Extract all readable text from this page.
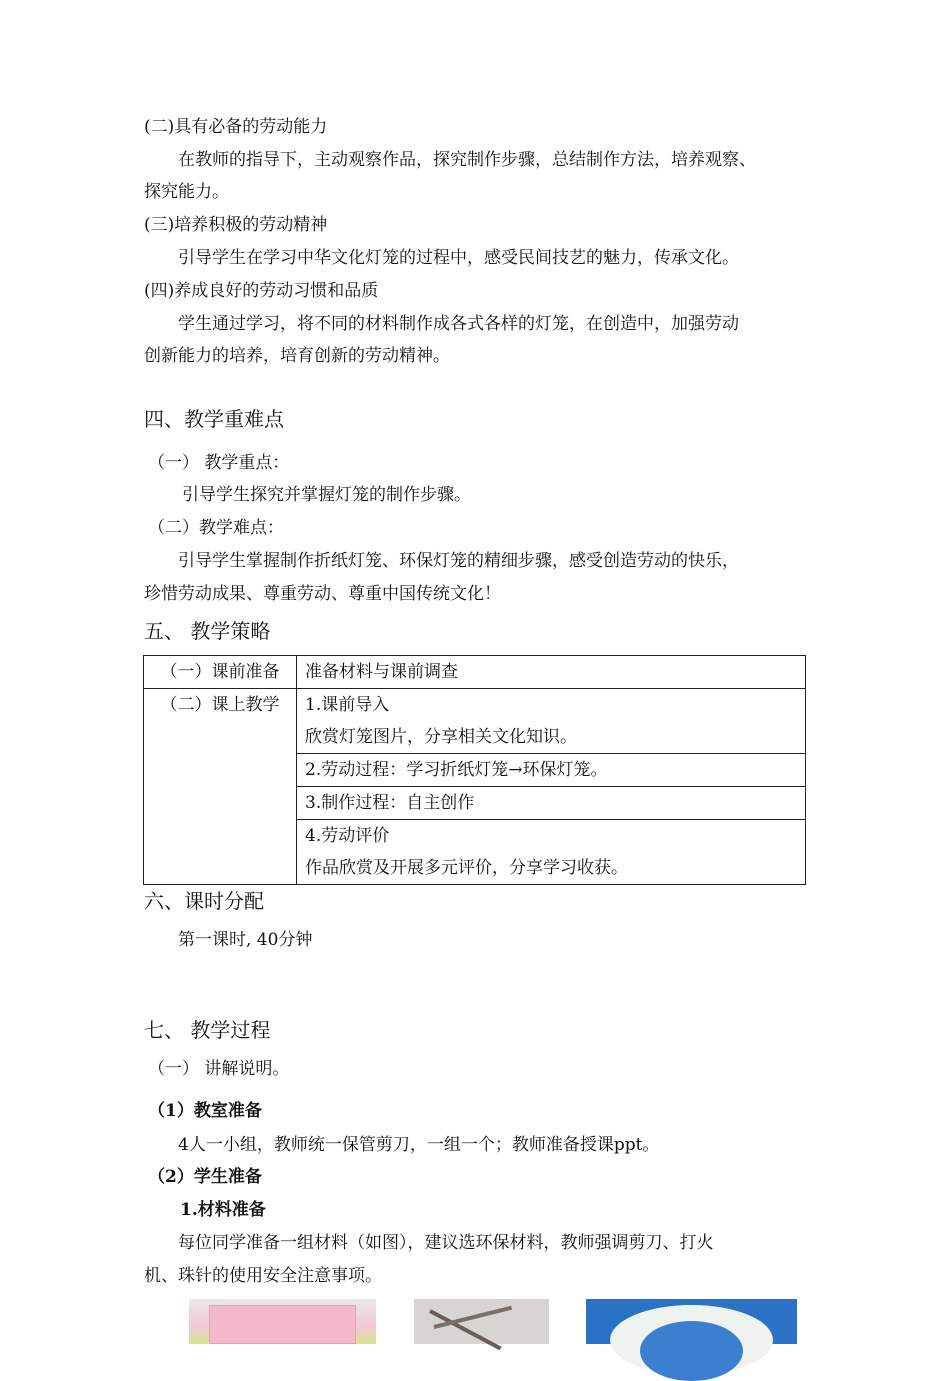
(二)具有必备的劳动能力
在教师的指导下，主动观察作品，探究制作步骤，总结制作方法，培养观察、
探究能力。
(三)培养积极的劳动精神
引导学生在学习中华文化灯笼的过程中，感受民间技艺的魅力，传承文化。
(四)养成良好的劳动习惯和品质
学生通过学习，将不同的材料制作成各式各样的灯笼，在创造中，加强劳动
创新能力的培养，培育创新的劳动精神。
四、教学重难点
（一） 教学重点：
引导学生探究并掌握灯笼的制作步骤。
（二）教学难点：
引导学生掌握制作折纸灯笼、环保灯笼的精细步骤，感受创造劳动的快乐，
珍惜劳动成果、尊重劳动、尊重中国传统文化！
五、 教学策略
（一）课前准备	准备材料与课前调查
（二）课上教学	1.课前导入
欣赏灯笼图片，分享相关文化知识。

	2.劳动过程：学习折纸灯笼→环保灯笼。
	3.制作过程：自主创作

	4.劳动评价
作品欣赏及开展多元评价，分享学习收获。
六、课时分配
第一课时, 40分钟
七、 教学过程
（一） 讲解说明。
（1）教室准备
4人一小组，教师统一保管剪刀，一组一个；教师准备授课ppt。
（2）学生准备
1.材料准备
每位同学准备一组材料（如图），建议选环保材料，教师强调剪刀、打火
机、珠针的使用安全注意事项。
